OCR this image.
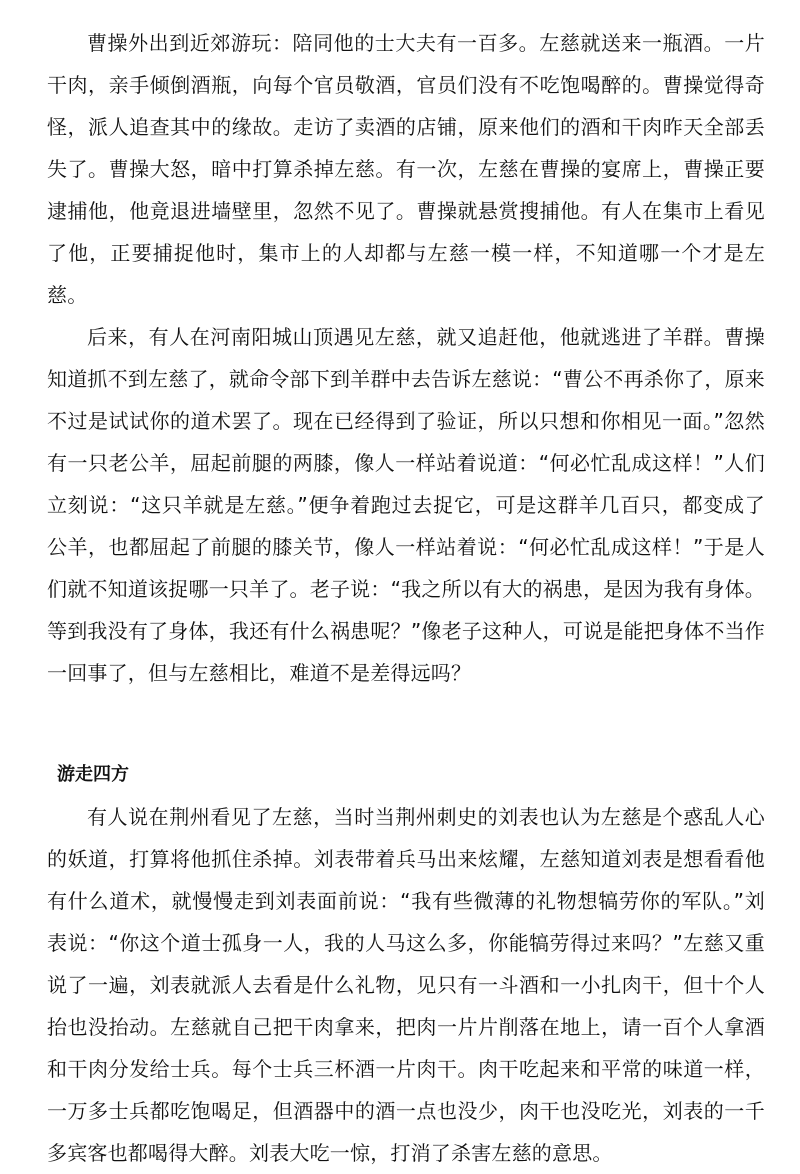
曹操外出到近郊游玩：陪同他的士大夫有一百多。左慈就送来一瓶酒。一片干肉，亲手倾倒酒瓶，向每个官员敬酒，官员们没有不吃饱喝醉的。曹操觉得奇怪，派人追查其中的缘故。走访了卖酒的店铺，原来他们的酒和干肉昨天全部丢失了。曹操大怒，暗中打算杀掉左慈。有一次，左慈在曹操的宴席上，曹操正要逮捕他，他竟退进墙壁里，忽然不见了。曹操就悬赏搜捕他。有人在集市上看见了他，正要捕捉他时，集市上的人却都与左慈一模一样，不知道哪一个才是左慈。

后来，有人在河南阳城山顶遇见左慈，就又追赶他，他就逃进了羊群。曹操知道抓不到左慈了，就命令部下到羊群中去告诉左慈说：“曹公不再杀你了，原来不过是试试你的道术罢了。现在已经得到了验证，所以只想和你相见一面。”忽然有一只老公羊，屈起前腿的两膝，像人一样站着说道：“何必忙乱成这样！”人们立刻说：“这只羊就是左慈。”便争着跑过去捉它，可是这群羊几百只，都变成了公羊，也都屈起了前腿的膝关节，像人一样站着说：“何必忙乱成这样！”于是人们就不知道该捉哪一只羊了。老子说：“我之所以有大的祸患，是因为我有身体。等到我没有了身体，我还有什么祸患呢？”像老子这种人，可说是能把身体不当作一回事了，但与左慈相比，难道不是差得远吗？

游走四方

有人说在荆州看见了左慈，当时当荆州刺史的刘表也认为左慈是个惑乱人心的妖道，打算将他抓住杀掉。刘表带着兵马出来炫耀，左慈知道刘表是想看看他有什么道术，就慢慢走到刘表面前说：“我有些微薄的礼物想犒劳你的军队。”刘表说：“你这个道士孤身一人，我的人马这么多，你能犒劳得过来吗？”左慈又重说了一遍，刘表就派人去看是什么礼物，见只有一斗酒和一小扎肉干，但十个人抬也没抬动。左慈就自己把干肉拿来，把肉一片片削落在地上，请一百个人拿酒和干肉分发给士兵。每个士兵三杯酒一片肉干。肉干吃起来和平常的味道一样，一万多士兵都吃饱喝足，但酒器中的酒一点也没少，肉干也没吃光，刘表的一千多宾客也都喝得大醉。刘表大吃一惊，打消了杀害左慈的意思。
